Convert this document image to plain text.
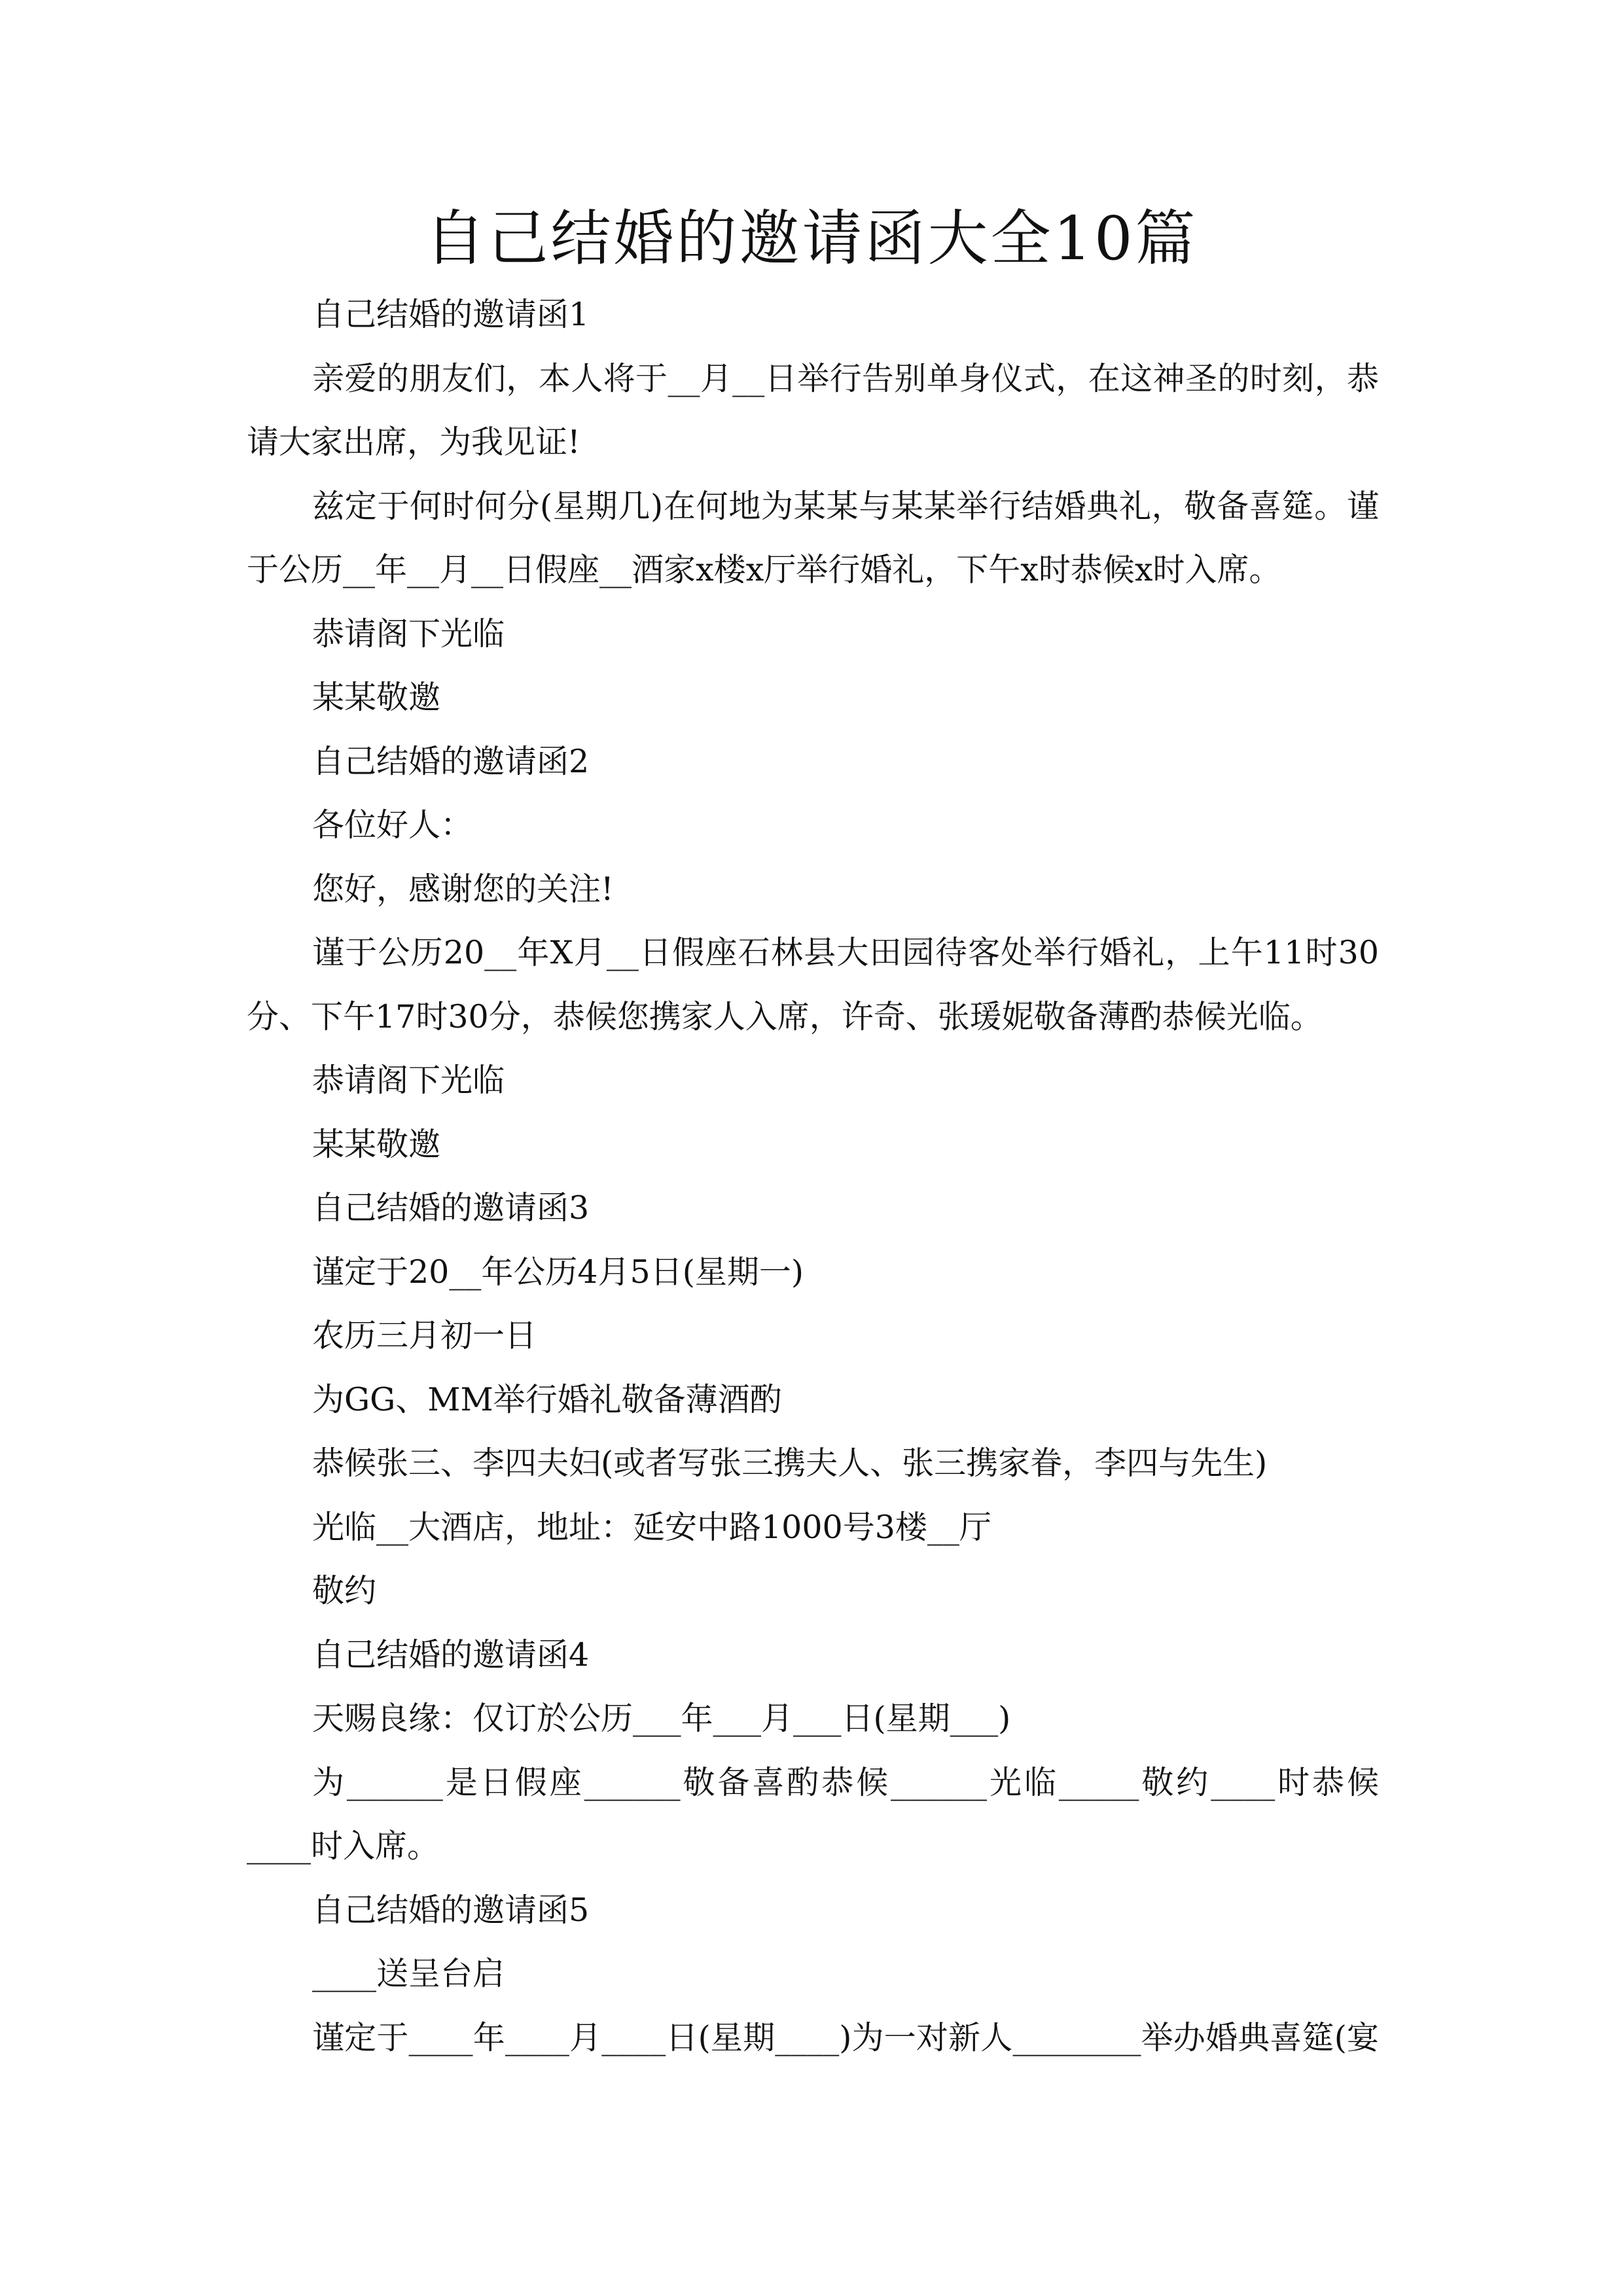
自己结婚的邀请函大全10篇

自己结婚的邀请函1

亲爱的朋友们，本人将于__月__日举行告别单身仪式，在这神圣的时刻，恭

请大家出席，为我见证!

兹定于何时何分(星期几)在何地为某某与某某举行结婚典礼，敬备喜筵。谨

于公历__年__月__日假座__酒家x楼x厅举行婚礼，下午x时恭候x时入席。

恭请阁下光临

某某敬邀

自己结婚的邀请函2

各位好人：

您好，感谢您的关注!

谨于公历20__年X月__日假座石林县大田园待客处举行婚礼，上午11时30

分、下午17时30分，恭候您携家人入席，许奇、张瑗妮敬备薄酌恭候光临。

恭请阁下光临

某某敬邀

自己结婚的邀请函3

谨定于20__年公历4月5日(星期一)

农历三月初一日

为GG、MM举行婚礼敬备薄酒酌

恭候张三、李四夫妇(或者写张三携夫人、张三携家眷，李四与先生)

光临__大酒店，地址：延安中路1000号3楼__厅

敬约

自己结婚的邀请函4

天赐良缘：仅订於公历___年___月___日(星期___)

为______是日假座______敬备喜酌恭候______光临_____敬约____时恭候

____时入席。

自己结婚的邀请函5

____送呈台启

谨定于____年____月____日(星期____)为一对新人________举办婚典喜筵(宴
